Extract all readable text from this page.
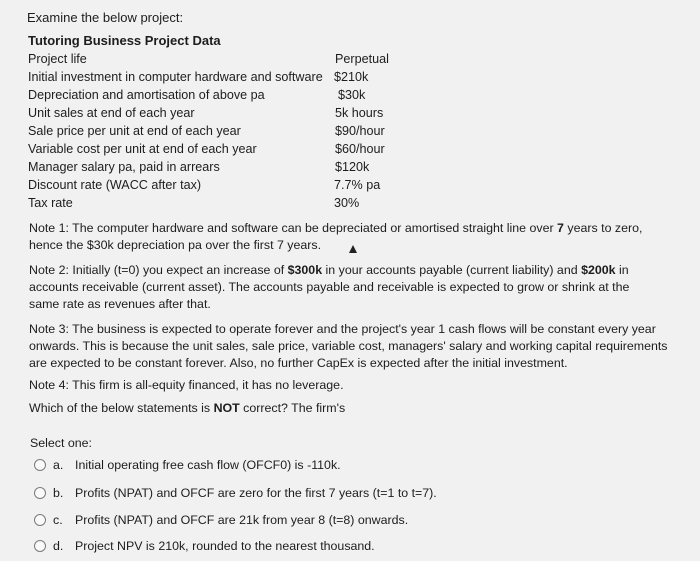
Examine the below project:
Tutoring Business Project Data
Project life	Perpetual
Initial investment in computer hardware and software $210k
Depreciation and amortisation of above pa	$30k
Unit sales at end of each year	5k hours
Sale price per unit at end of each year	$90/hour
Variable cost per unit at end of each year	$60/hour
Manager salary pa, paid in arrears	$120k
Discount rate (WACC after tax)	7.7% pa
Tax rate	30%
Note 1: The computer hardware and software can be depreciated or amortised straight line over 7 years to zero, hence the $30k depreciation pa over the first 7 years.
Note 2: Initially (t=0) you expect an increase of $300k in your accounts payable (current liability) and $200k in accounts receivable (current asset). The accounts payable and receivable is expected to grow or shrink at the same rate as revenues after that.
Note 3: The business is expected to operate forever and the project's year 1 cash flows will be constant every year onwards. This is because the unit sales, sale price, variable cost, managers' salary and working capital requirements are expected to be constant forever. Also, no further CapEx is expected after the initial investment.
Note 4: This firm is all-equity financed, it has no leverage.
Which of the below statements is NOT correct? The firm's
Select one:
a. Initial operating free cash flow (OFCF0) is -110k.
b. Profits (NPAT) and OFCF are zero for the first 7 years (t=1 to t=7).
c. Profits (NPAT) and OFCF are 21k from year 8 (t=8) onwards.
d. Project NPV is 210k, rounded to the nearest thousand.
